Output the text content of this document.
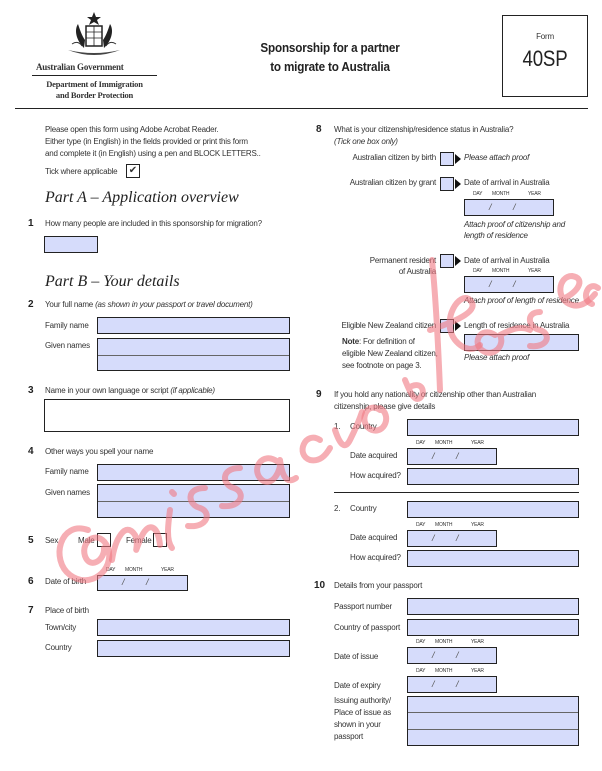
Australian Government
Department of Immigration
and Border Protection
Sponsorship for a partner
to migrate to Australia
Form
40SP
Please open this form using Adobe Acrobat Reader.
Either type (in English) in the fields provided or print this form
and complete it (in English) using a pen and BLOCK LETTERS..
Tick where applicable ✔
Part A – Application overview
1 How many people are included in this sponsorship for migration?
Part B – Your details
2 Your full name (as shown in your passport or travel document)
Family name
Given names
3 Name in your own language or script (if applicable)
4 Other ways you spell your name
Family name
Given names
5 Sex Male	Female
6 Date of birth
DAY MONTH	YEAR
/ /
7 Place of birth
Town/city
Country
8 What is your citizenship/residence status in Australia?
(Tick one box only)
Australian citizen by birth	Please attach proof
Australian citizen by grant	Date of arrival in Australia
DAY MONTH	YEAR
/ /
Attach proof of citizenship and
length of residence
Permanent resident
of Australia
Date of arrival in Australia
DAY MONTH	YEAR
/ /
Attach proof of length of residence
Eligible New Zealand citizen	Length of residence in Australia
Please attach proof
Note: For definition of
eligible New Zealand citizen,
see footnote on page 3.
9 If you hold any nationality or citizenship other than Australian
citizenship, please give details
1. Country
Date acquired
DAY MONTH	YEAR
/ /
How acquired?
2. Country
Date acquired
DAY MONTH	YEAR
/ /
How acquired?
10 Details from your passport
Passport number
Country of passport
Date of issue
DAY MONTH	YEAR
/ /
Date of expiry
DAY MONTH	YEAR
/ /
Issuing authority/
Place of issue as
shown in your
passport
